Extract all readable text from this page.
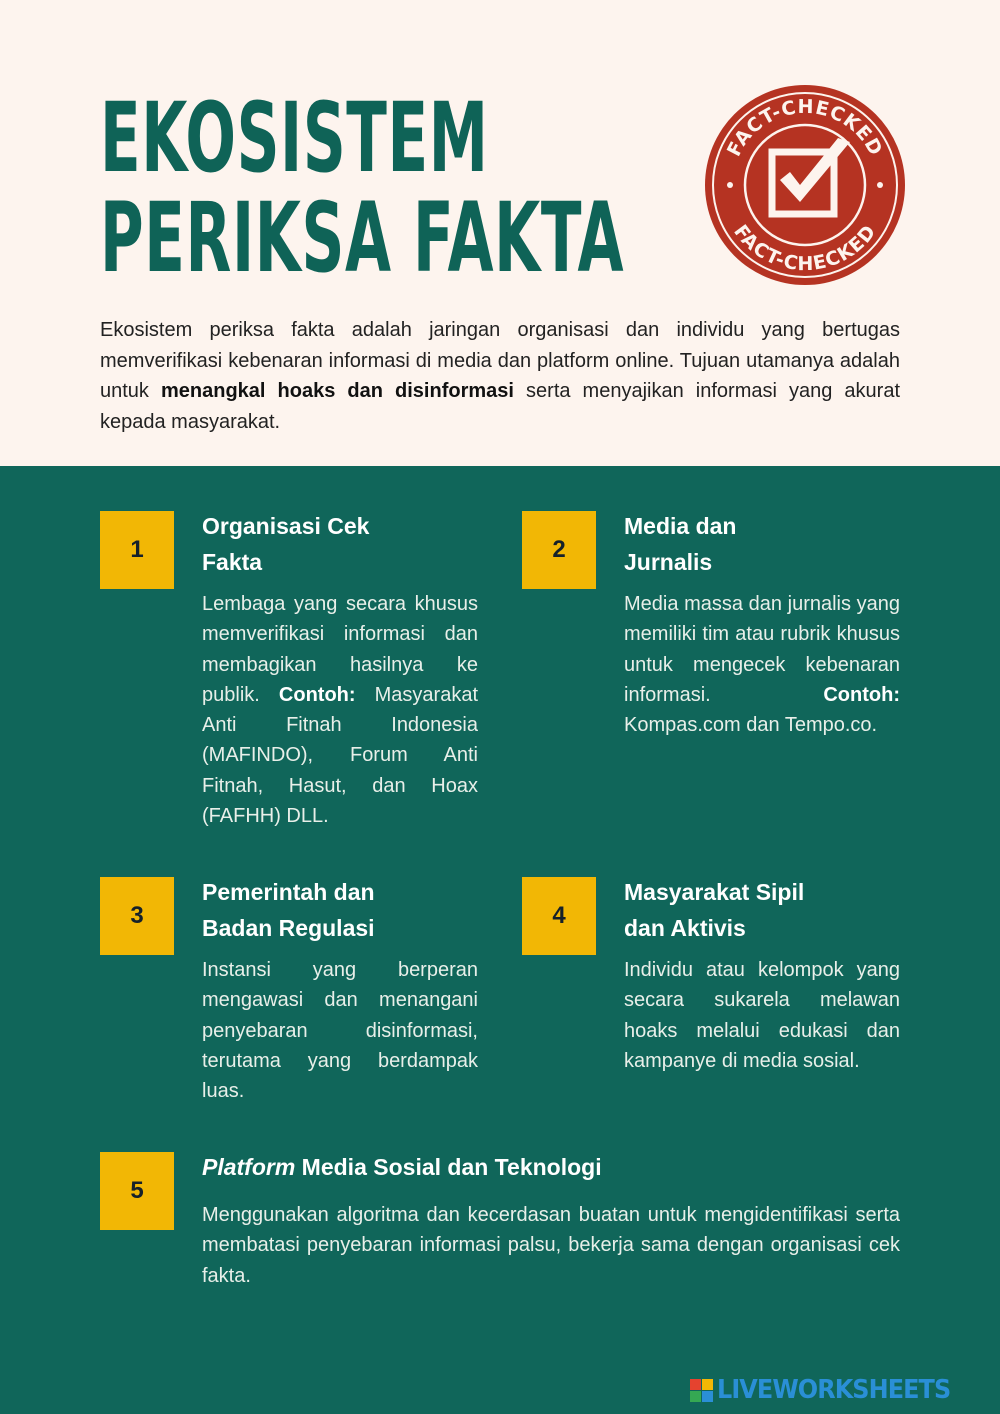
EKOSISTEM
PERIKSA FAKTA
FACT-CHECKED
FACT-CHECKED

Ekosistem periksa fakta adalah jaringan organisasi dan individu yang bertugas memverifikasi kebenaran informasi di media dan platform online. Tujuan utamanya adalah untuk menangkal hoaks dan disinformasi serta menyajikan informasi yang akurat kepada masyarakat.

1
Organisasi Cek
Fakta

Lembaga yang secara khusus memverifikasi informasi dan membagikan hasilnya ke publik. Contoh: Masyarakat Anti Fitnah Indonesia (MAFINDO), Forum Anti Fitnah, Hasut, dan Hoax (FAFHH) DLL.

2
Media dan
Jurnalis

Media massa dan jurnalis yang memiliki tim atau rubrik khusus untuk mengecek kebenaran informasi. Contoh: Kompas.com dan Tempo.co.

3
Pemerintah dan
Badan Regulasi

Instansi yang berperan mengawasi dan menangani penyebaran disinformasi, terutama yang berdampak luas.

4
Masyarakat Sipil
dan Aktivis

Individu atau kelompok yang secara sukarela melawan hoaks melalui edukasi dan kampanye di media sosial.

5
Platform Media Sosial dan Teknologi

Menggunakan algoritma dan kecerdasan buatan untuk mengidentifikasi serta membatasi penyebaran informasi palsu, bekerja sama dengan organisasi cek fakta.

LIVEWORKSHEETS
